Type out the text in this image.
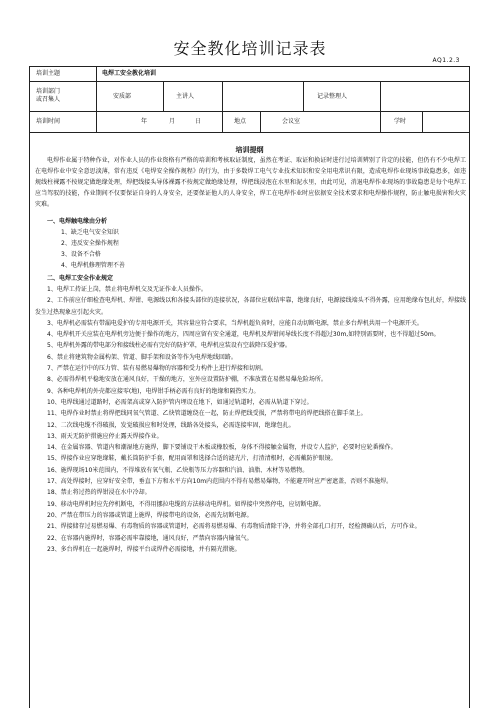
安全教化培训记录表
AQ1.2.3
培训主题	电焊工安全教化培训
培训部门
或召集人	安质部	主讲人	记录整理人
培训时间	年	月	日	地点	会议室	学时
培训提纲

电焊作业属于特种作业，对作业人员的作业资格有严格的培训和考核取证制度，虽然在考证、取证和换证时进行过培训辨别了肯定的技能，但仍有不少电焊工在电焊作业中安全意思淡薄，常有违反《电焊安全操作规程》的行为，由于多数焊工电气专业技术知识和安全用电常识有限，造成电焊作业现场事故隐患多，如违规线柱裸露不按规定做绝缘处理，焊把线接头导体裸露不按规定做绝缘处理，焊把线浸泡在水里和泥水里，由此可见，消退电焊作业现场的事故隐患是每个电焊工应当驾驭的技能，作业期间不仅要保证自身的人身安全，还要保证他人的人身安全，焊工在电焊作业时应依据安全技术要求和电焊操作规程，防止触电损害和火灾灾难。

一、电焊触电缘由分析

1、缺乏电气安全知识

2、违反安全操作规程

3、设备不合格

4、电焊机修理管理不善

二、电焊工安全作业规定

1、电焊工持证上岗，禁止将电焊机交及无证作业人员操作。

2、工作前应仔细检查电焊机、焊钳、电源线以和各接头部位的连接状况，各部位应联结牢靠，绝缘良好，电源接线端头不得外露，应用绝缘布包扎好，焊接线发生过热现象应引起火灾。

3、电焊机必需装有带漏电爱护的专用电源开关，其容量应符合要求，当焊机超负荷时，应能自动切断电源，禁止多台焊机共用一个电源开关。

4、电焊机开关应装在电焊机旁边便于操作的地方，四周应留有安全通道，电焊机及焊钳间导线长度不得超过30m,如特别需要时，也不得超过50m。

5、电焊机外露的带电部分和接线柱必需有完好的防护罩，电焊机应装设有空载降压爱护器。

6、禁止将建筑物金属构架、管道、脚手架和设备等作为电焊地线回路。

7、严禁在运行中的压力管、装有易燃易爆物的容器和受力构件上进行焊接和切割。

8、必需得焊机平稳地安放在通风良好，干燥的地方，室外应设置防护棚，不准放置在易燃易爆危险场所。

9、各种电焊机的外壳都应接零(地)，电焊钳手柄必需有良好的绝缘和隔热实力。

10、电焊线通过道路时，必需架高或穿入防护管内埋设在地下，如通过轨道时，必需从轨道下穿过。

11、电焊作业时禁止将焊把线同氧气管道、乙炔管道缠绕在一起，防止焊把线受损，严禁将带电的焊把线搭在脚手架上。

12、二次线电缆不得破损，发觉破损应和时处理，线路各处接头，必需连接牢固，绝缘包扎。

13、雨天无防护措施应停止露天焊接作业。

14、在金属容器、管道内和潮湿地方施焊，脚下要铺设干木板或橡胶板，身体不得接触金属物，并设专人监护，必要时应轮番操作。

15、焊接作业应穿绝缘鞋，戴长筒防护手套，配用面罩和选择合适的滤光片，打渣清根时，必需戴防护眼镜。

16、施焊现场10米范围内，不得堆放有氧气瓶、乙炔瓶等压力容器和汽油、油脂、木材等易燃物。

17、高处焊接时，应穿好安全带，垂直下方和水平方向10m内范围内不得有易燃易爆物，不能避开时应严密遮盖，否则不准施焊。

18、禁止将过热的焊钳浸在水中冷却。

19、移动电焊机时应先停机断电，不得用挪拉电缆的方法移动电焊机。如焊接中突然停电，应切断电源。

20、严禁在带压力的容器或管道上施焊，焊接带电的设备，必需先切断电源。

21、焊接储存过易燃易爆、有毒物质的容器或管道时，必需将易燃易爆、有毒物质清除干净，并将全部孔口打开，经检测确认后，方可作业。

22、在容器内施焊时，容器必需牢靠接地，通风良好，严禁向容器内输氧气。

23、多台焊机在一起施焊时，焊接平台或焊件必需接地，并有隔光措施。
